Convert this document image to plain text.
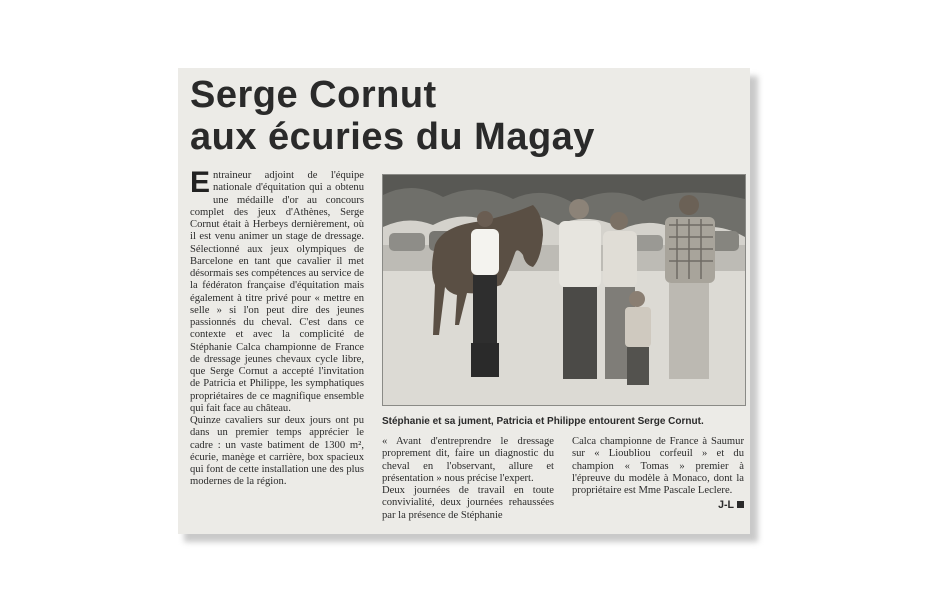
Serge Cornut
aux écuries du Magay
Entraineur adjoint de l'équipe nationale d'équitation qui a obtenu une médaille d'or au concours complet des jeux d'Athènes, Serge Cornut était à Herbeys dernièrement, où il est venu animer un stage de dressage. Sélectionné aux jeux olympiques de Barcelone en tant que cavalier il met désormais ses compétences au service de la fédératon française d'équitation mais également à titre privé pour « mettre en selle » si l'on peut dire des jeunes passionnés du cheval. C'est dans ce contexte et avec la complicité de Stéphanie Calca championne de France de dressage jeunes chevaux cycle libre, que Serge Cornut a accepté l'invitation de Patricia et Philippe, les symphatiques propriétaires de ce magnifique ensemble qui fait face au château.
Quinze cavaliers sur deux jours ont pu dans un premier temps apprécier le cadre : un vaste batiment de 1300 m², écurie, manège et carrière, box spacieux qui font de cette installation une des plus modernes de la région.

Stéphanie et sa jument, Patricia et Philippe entourent Serge Cornut.

« Avant d'entreprendre le dressage proprement dit, faire un diagnostic du cheval en l'observant, allure et présentation » nous précise l'expert.
Deux journées de travail en toute convivialité, deux journées rehaussées par la présence de Stéphanie
Calca championne de France à Saumur sur « Lioubliou corfeuil » et du champion « Tomas » premier à l'épreuve du modèle à Monaco, dont la propriétaire est Mme Pascale Leclere.
J-L
